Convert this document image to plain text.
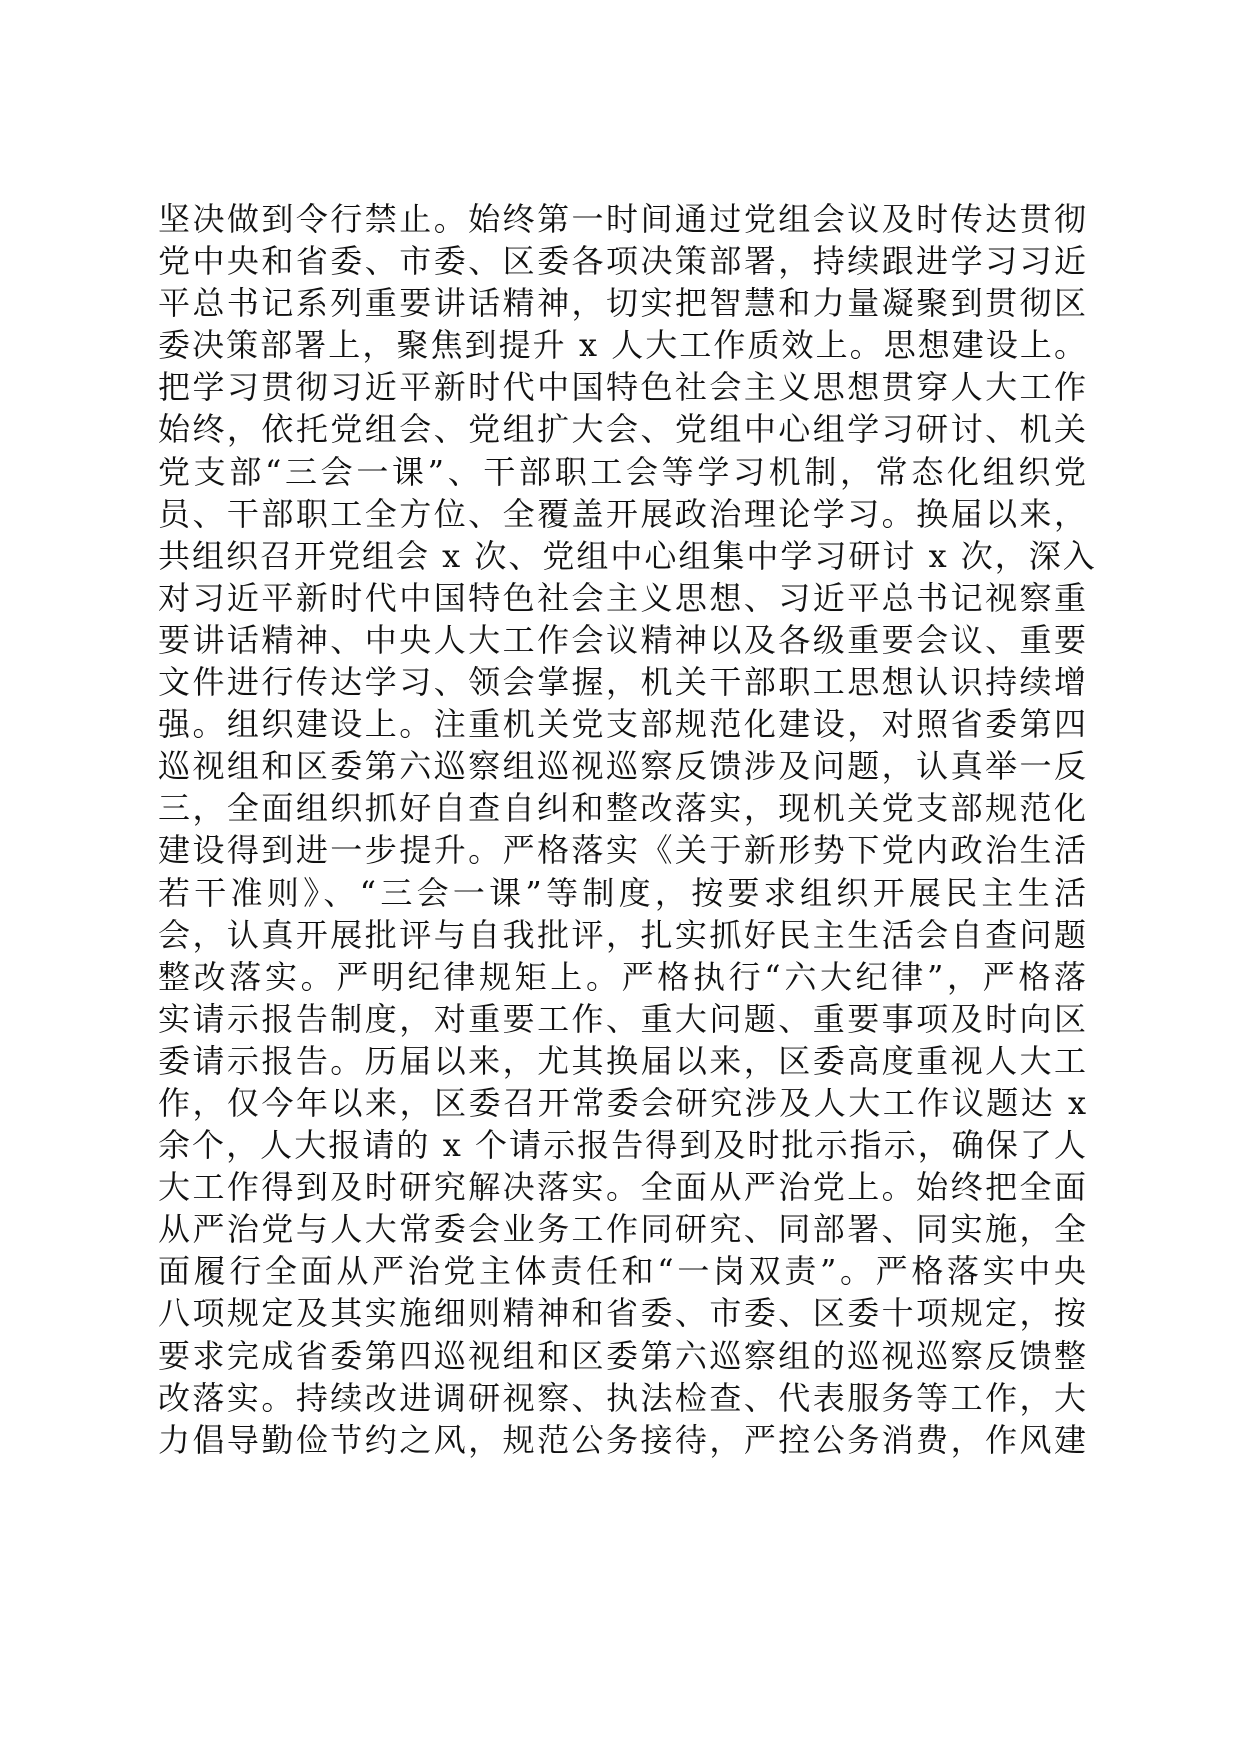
坚决做到令行禁止。始终第一时间通过党组会议及时传达贯彻
党中央和省委、市委、区委各项决策部署，持续跟进学习习近
平总书记系列重要讲话精神，切实把智慧和力量凝聚到贯彻区
委决策部署上，聚焦到提升 x 人大工作质效上。思想建设上。
把学习贯彻习近平新时代中国特色社会主义思想贯穿人大工作
始终，依托党组会、党组扩大会、党组中心组学习研讨、机关
党支部“三会一课”、干部职工会等学习机制，常态化组织党
员、干部职工全方位、全覆盖开展政治理论学习。换届以来，
共组织召开党组会 x 次、党组中心组集中学习研讨 x 次，深入
对习近平新时代中国特色社会主义思想、习近平总书记视察重
要讲话精神、中央人大工作会议精神以及各级重要会议、重要
文件进行传达学习、领会掌握，机关干部职工思想认识持续增
强。组织建设上。注重机关党支部规范化建设，对照省委第四
巡视组和区委第六巡察组巡视巡察反馈涉及问题，认真举一反
三，全面组织抓好自查自纠和整改落实，现机关党支部规范化
建设得到进一步提升。严格落实《关于新形势下党内政治生活
若干准则》、“三会一课”等制度，按要求组织开展民主生活
会，认真开展批评与自我批评，扎实抓好民主生活会自查问题
整改落实。严明纪律规矩上。严格执行“六大纪律”，严格落
实请示报告制度，对重要工作、重大问题、重要事项及时向区
委请示报告。历届以来，尤其换届以来，区委高度重视人大工
作，仅今年以来，区委召开常委会研究涉及人大工作议题达 x
余个，人大报请的 x 个请示报告得到及时批示指示，确保了人
大工作得到及时研究解决落实。全面从严治党上。始终把全面
从严治党与人大常委会业务工作同研究、同部署、同实施，全
面履行全面从严治党主体责任和“一岗双责”。严格落实中央
八项规定及其实施细则精神和省委、市委、区委十项规定，按
要求完成省委第四巡视组和区委第六巡察组的巡视巡察反馈整
改落实。持续改进调研视察、执法检查、代表服务等工作，大
力倡导勤俭节约之风，规范公务接待，严控公务消费，作风建
